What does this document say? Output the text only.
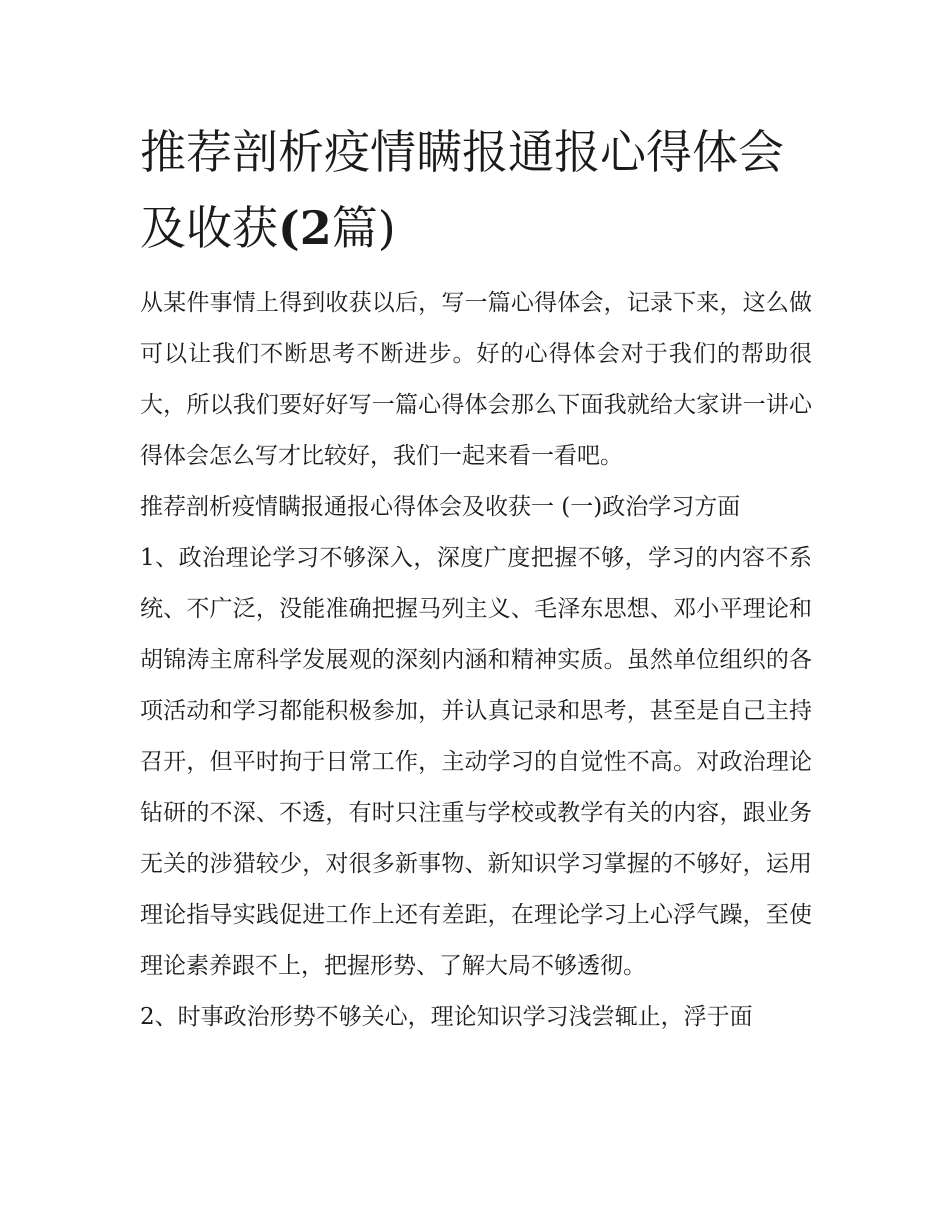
推荐剖析疫情瞒报通报心得体会及收获(2篇)

从某件事情上得到收获以后，写一篇心得体会，记录下来，这么做可以让我们不断思考不断进步。好的心得体会对于我们的帮助很大，所以我们要好好写一篇心得体会那么下面我就给大家讲一讲心得体会怎么写才比较好，我们一起来看一看吧。

推荐剖析疫情瞒报通报心得体会及收获一 (一)政治学习方面

1、政治理论学习不够深入，深度广度把握不够，学习的内容不系统、不广泛，没能准确把握马列主义、毛泽东思想、邓小平理论和胡锦涛主席科学发展观的深刻内涵和精神实质。虽然单位组织的各项活动和学习都能积极参加，并认真记录和思考，甚至是自己主持召开，但平时拘于日常工作，主动学习的自觉性不高。对政治理论钻研的不深、不透，有时只注重与学校或教学有关的内容，跟业务无关的涉猎较少，对很多新事物、新知识学习掌握的不够好，运用理论指导实践促进工作上还有差距，在理论学习上心浮气躁，至使理论素养跟不上，把握形势、了解大局不够透彻。

2、时事政治形势不够关心，理论知识学习浅尝辄止，浮于面
